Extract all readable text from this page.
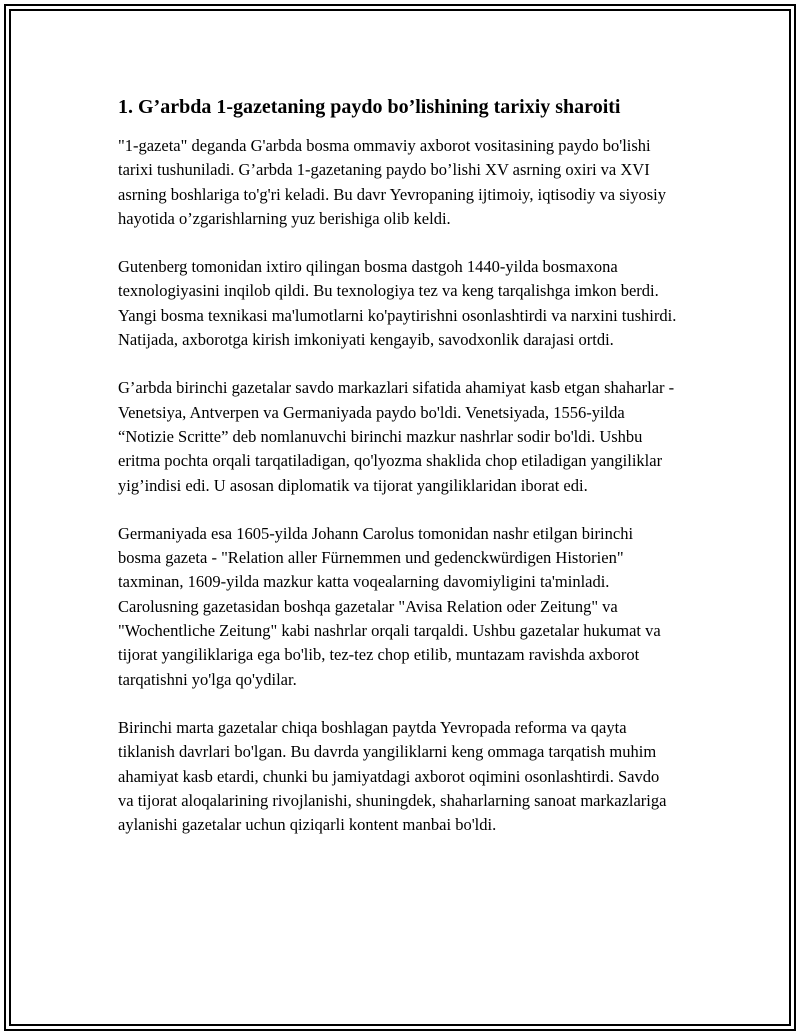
1. G’arbda 1-gazetaning paydo bo’lishining tarixiy sharoiti

"1-gazeta" deganda G'arbda bosma ommaviy axborot vositasining paydo bo'lishi tarixi tushuniladi. G’arbda 1-gazetaning paydo bo’lishi XV asrning oxiri va XVI asrning boshlariga to'g'ri keladi. Bu davr Yevropaning ijtimoiy, iqtisodiy va siyosiy hayotida o’zgarishlarning yuz berishiga olib keldi.

Gutenberg tomonidan ixtiro qilingan bosma dastgoh 1440-yilda bosmaxona texnologiyasini inqilob qildi. Bu texnologiya tez va keng tarqalishga imkon berdi. Yangi bosma texnikasi ma'lumotlarni ko'paytirishni osonlashtirdi va narxini tushirdi. Natijada, axborotga kirish imkoniyati kengayib, savodxonlik darajasi ortdi.

G’arbda birinchi gazetalar savdo markazlari sifatida ahamiyat kasb etgan shaharlar - Venetsiya, Antverpen va Germaniyada paydo bo'ldi. Venetsiyada, 1556-yilda “Notizie Scritte” deb nomlanuvchi birinchi mazkur nashrlar sodir bo'ldi. Ushbu eritma pochta orqali tarqatiladigan, qo'lyozma shaklida chop etiladigan yangiliklar yig’indisi edi. U asosan diplomatik va tijorat yangiliklaridan iborat edi.

Germaniyada esa 1605-yilda Johann Carolus tomonidan nashr etilgan birinchi bosma gazeta - "Relation aller Fürnemmen und gedenckwürdigen Historien" taxminan, 1609-yilda mazkur katta voqealarning davomiyligini ta'minladi. Carolusning gazetasidan boshqa gazetalar "Avisa Relation oder Zeitung" va "Wochentliche Zeitung" kabi nashrlar orqali tarqaldi. Ushbu gazetalar hukumat va tijorat yangiliklariga ega bo'lib, tez-tez chop etilib, muntazam ravishda axborot tarqatishni yo'lga qo'ydilar.

Birinchi marta gazetalar chiqa boshlagan paytda Yevropada reforma va qayta tiklanish davrlari bo'lgan. Bu davrda yangiliklarni keng ommaga tarqatish muhim ahamiyat kasb etardi, chunki bu jamiyatdagi axborot oqimini osonlashtirdi. Savdo va tijorat aloqalarining rivojlanishi, shuningdek, shaharlarning sanoat markazlariga aylanishi gazetalar uchun qiziqarli kontent manbai bo'ldi.
